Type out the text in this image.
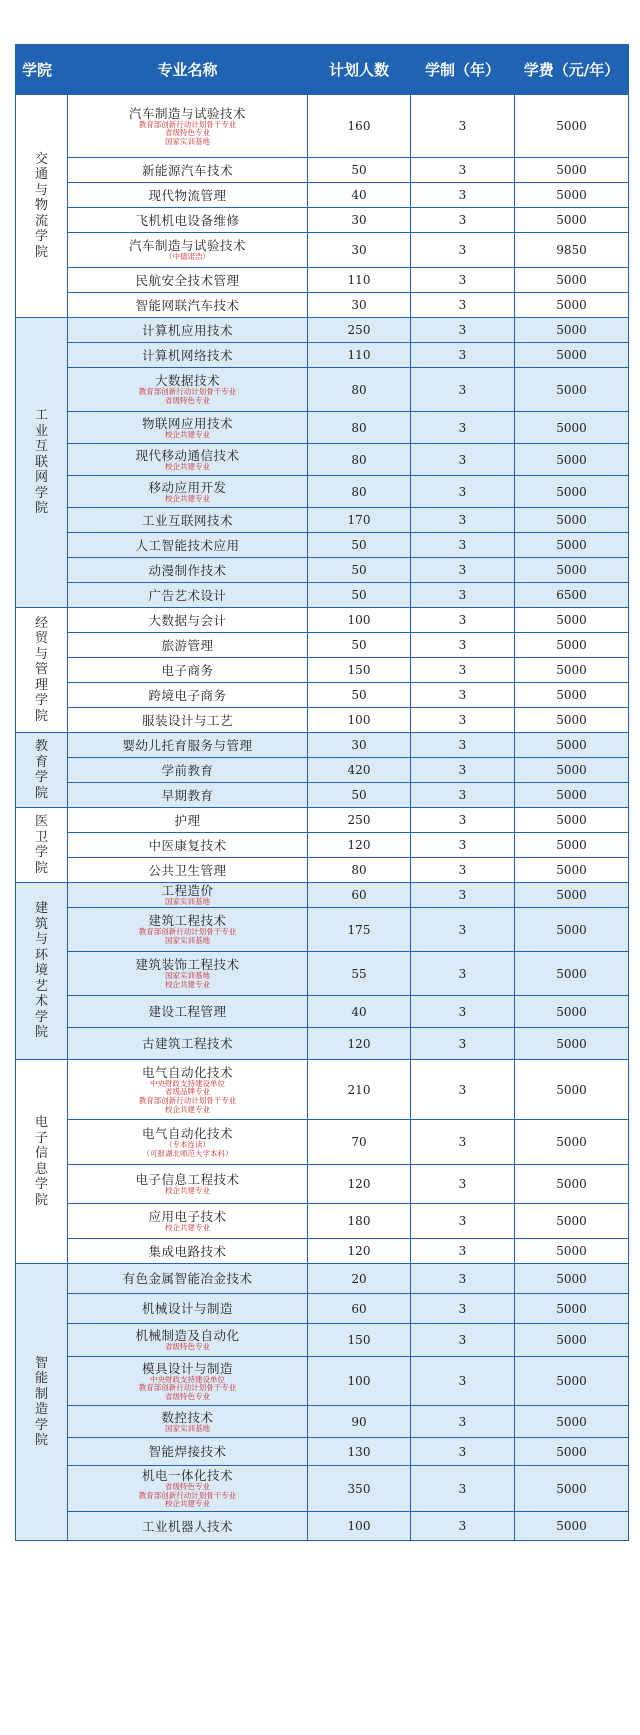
学院	专业名称	计划人数	学制（年）	学费（元/年）
交通与物流学院	汽车制造与试验技术
教育部创新行动计划骨干专业
省级特色专业
国家实训基地	160	3	5000

	新能源汽车技术	50	3	5000

	现代物流管理	40	3	5000

	飞机机电设备维修	30	3	5000

	汽车制造与试验技术
（中德诺浩）	30	3	9850

	民航安全技术管理	110	3	5000

	智能网联汽车技术	30	3	5000
工业互联网学院	计算机应用技术	250	3	5000

	计算机网络技术	110	3	5000

	大数据技术
教育部创新行动计划骨干专业
省级特色专业	80	3	5000

	物联网应用技术
校企共建专业	80	3	5000

	现代移动通信技术
校企共建专业	80	3	5000

	移动应用开发
校企共建专业	80	3	5000

	工业互联网技术	170	3	5000

	人工智能技术应用	50	3	5000

	动漫制作技术	50	3	5000

	广告艺术设计	50	3	6500
经贸与管理学院	大数据与会计	100	3	5000

	旅游管理	50	3	5000

	电子商务	150	3	5000

	跨境电子商务	50	3	5000

	服装设计与工艺	100	3	5000
教育学院	婴幼儿托育服务与管理	30	3	5000

	学前教育	420	3	5000

	早期教育	50	3	5000
医卫学院	护理	250	3	5000

	中医康复技术	120	3	5000

	公共卫生管理	80	3	5000
建筑与环境艺术学院	工程造价
国家实训基地	60	3	5000

	建筑工程技术
教育部创新行动计划骨干专业
国家实训基地	175	3	5000

	建筑装饰工程技术
国家实训基地
校企共建专业	55	3	5000

	建设工程管理	40	3	5000

	古建筑工程技术	120	3	5000
电子信息学院	电气自动化技术
中央财政支持建设单位
省级品牌专业
教育部创新行动计划骨干专业
校企共建专业	210	3	5000

	电气自动化技术
（专本连读）
（可报湖北师范大学本科）	70	3	5000

	电子信息工程技术
校企共建专业	120	3	5000

	应用电子技术
校企共建专业	180	3	5000

	集成电路技术	120	3	5000
智能制造学院	有色金属智能冶金技术	20	3	5000

	机械设计与制造	60	3	5000

	机械制造及自动化
省级特色专业	150	3	5000

	模具设计与制造
中央财政支持建设单位
教育部创新行动计划骨干专业
省级特色专业	100	3	5000

	数控技术
国家实训基地	90	3	5000

	智能焊接技术	130	3	5000

	机电一体化技术
省级特色专业
教育部创新行动计划骨干专业
校企共建专业	350	3	5000

	工业机器人技术	100	3	5000
